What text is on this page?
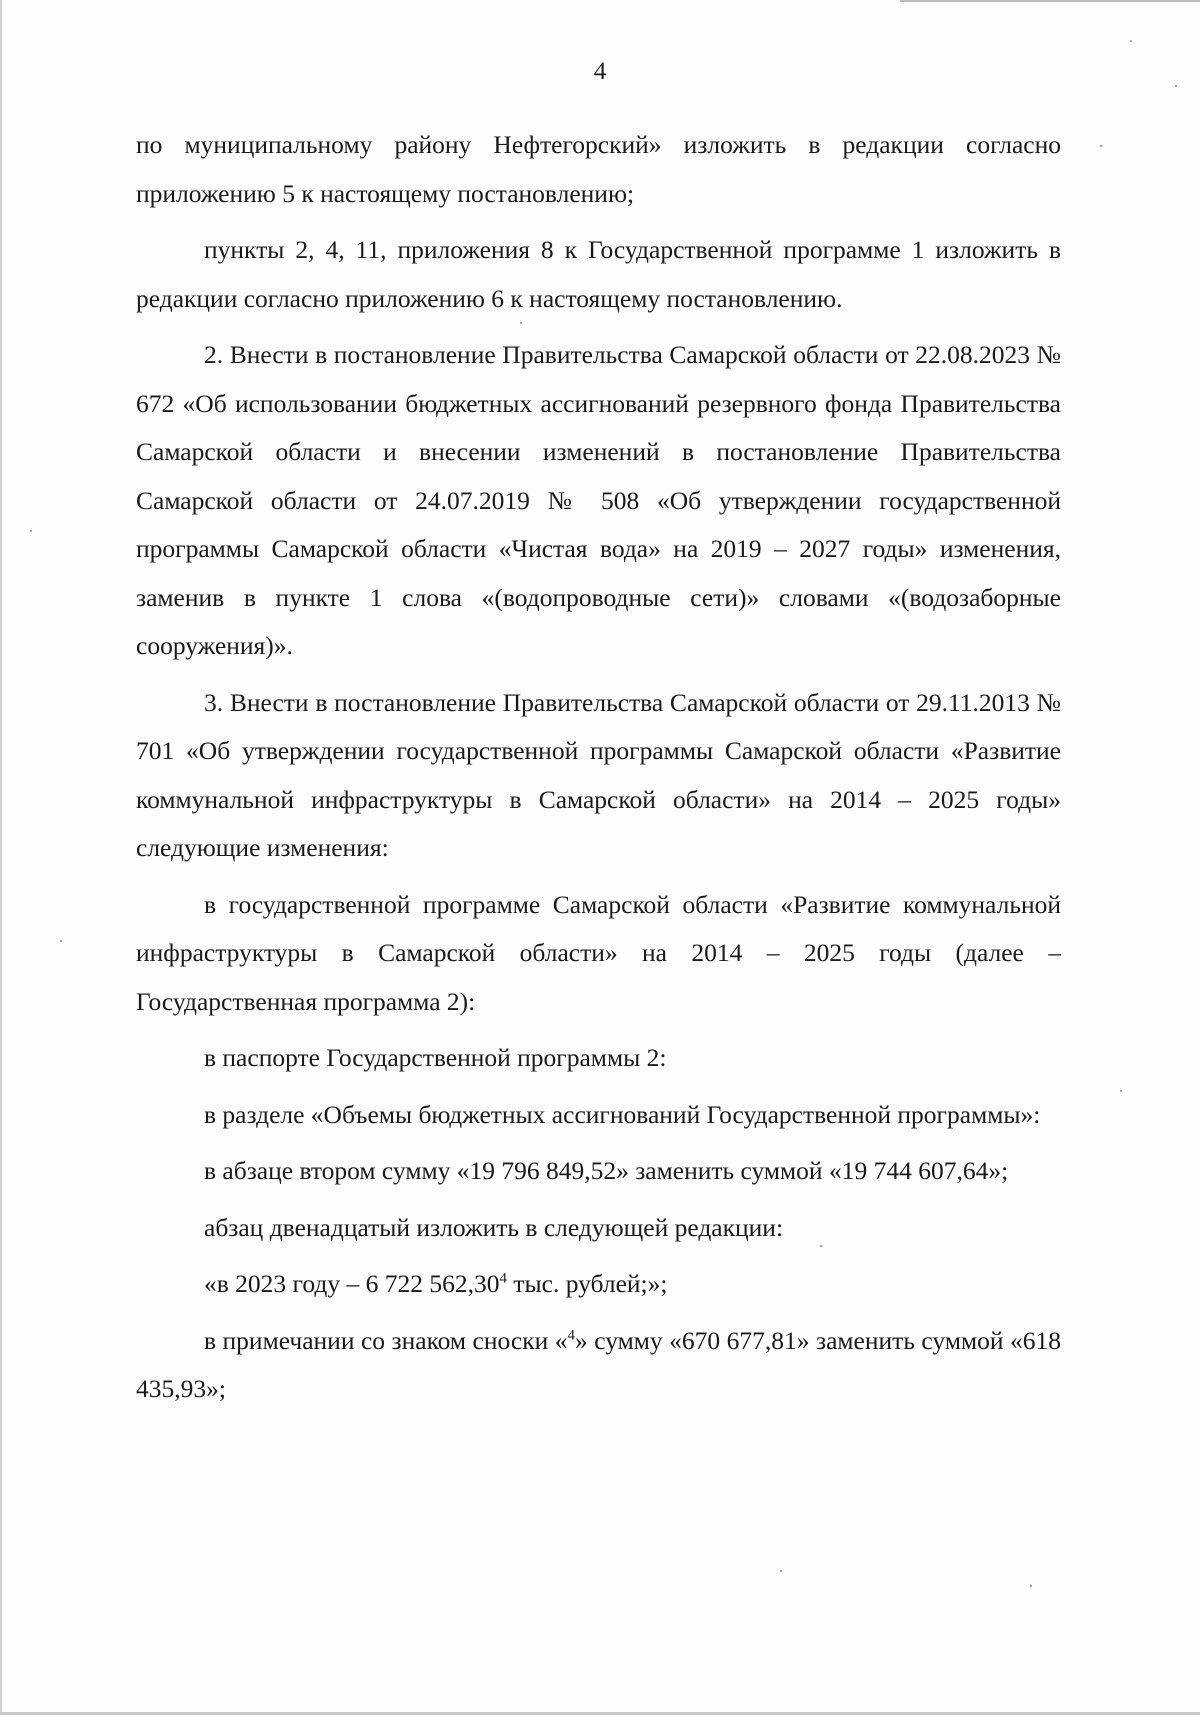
4

по муниципальному району Нефтегорский» изложить в редакции согласно приложению 5 к настоящему постановлению;

пункты 2, 4, 11, приложения 8 к Государственной программе 1 изложить в редакции согласно приложению 6 к настоящему постановлению.

2. Внести в постановление Правительства Самарской области от 22.08.2023 № 672 «Об использовании бюджетных ассигнований резервного фонда Правительства Самарской области и внесении изменений в постановление Правительства Самарской области от 24.07.2019 № 508 «Об утверждении государственной программы Самарской области «Чистая вода» на 2019 – 2027 годы» изменения, заменив в пункте 1 слова «(водопроводные сети)» словами «(водозаборные сооружения)».

3. Внести в постановление Правительства Самарской области от 29.11.2013 № 701 «Об утверждении государственной программы Самарской области «Развитие коммунальной инфраструктуры в Самарской области» на 2014 – 2025 годы» следующие изменения:

в государственной программе Самарской области «Развитие коммунальной инфраструктуры в Самарской области» на 2014 – 2025 годы (далее – Государственная программа 2):

в паспорте Государственной программы 2:

в разделе «Объемы бюджетных ассигнований Государственной программы»:

в абзаце втором сумму «19 796 849,52» заменить суммой «19 744 607,64»;

абзац двенадцатый изложить в следующей редакции:

«в 2023 году – 6 722 562,30$^4$ тыс. рублей;»;

в примечании со знаком сноски «$^4$» сумму «670 677,81» заменить суммой «618 435,93»;
